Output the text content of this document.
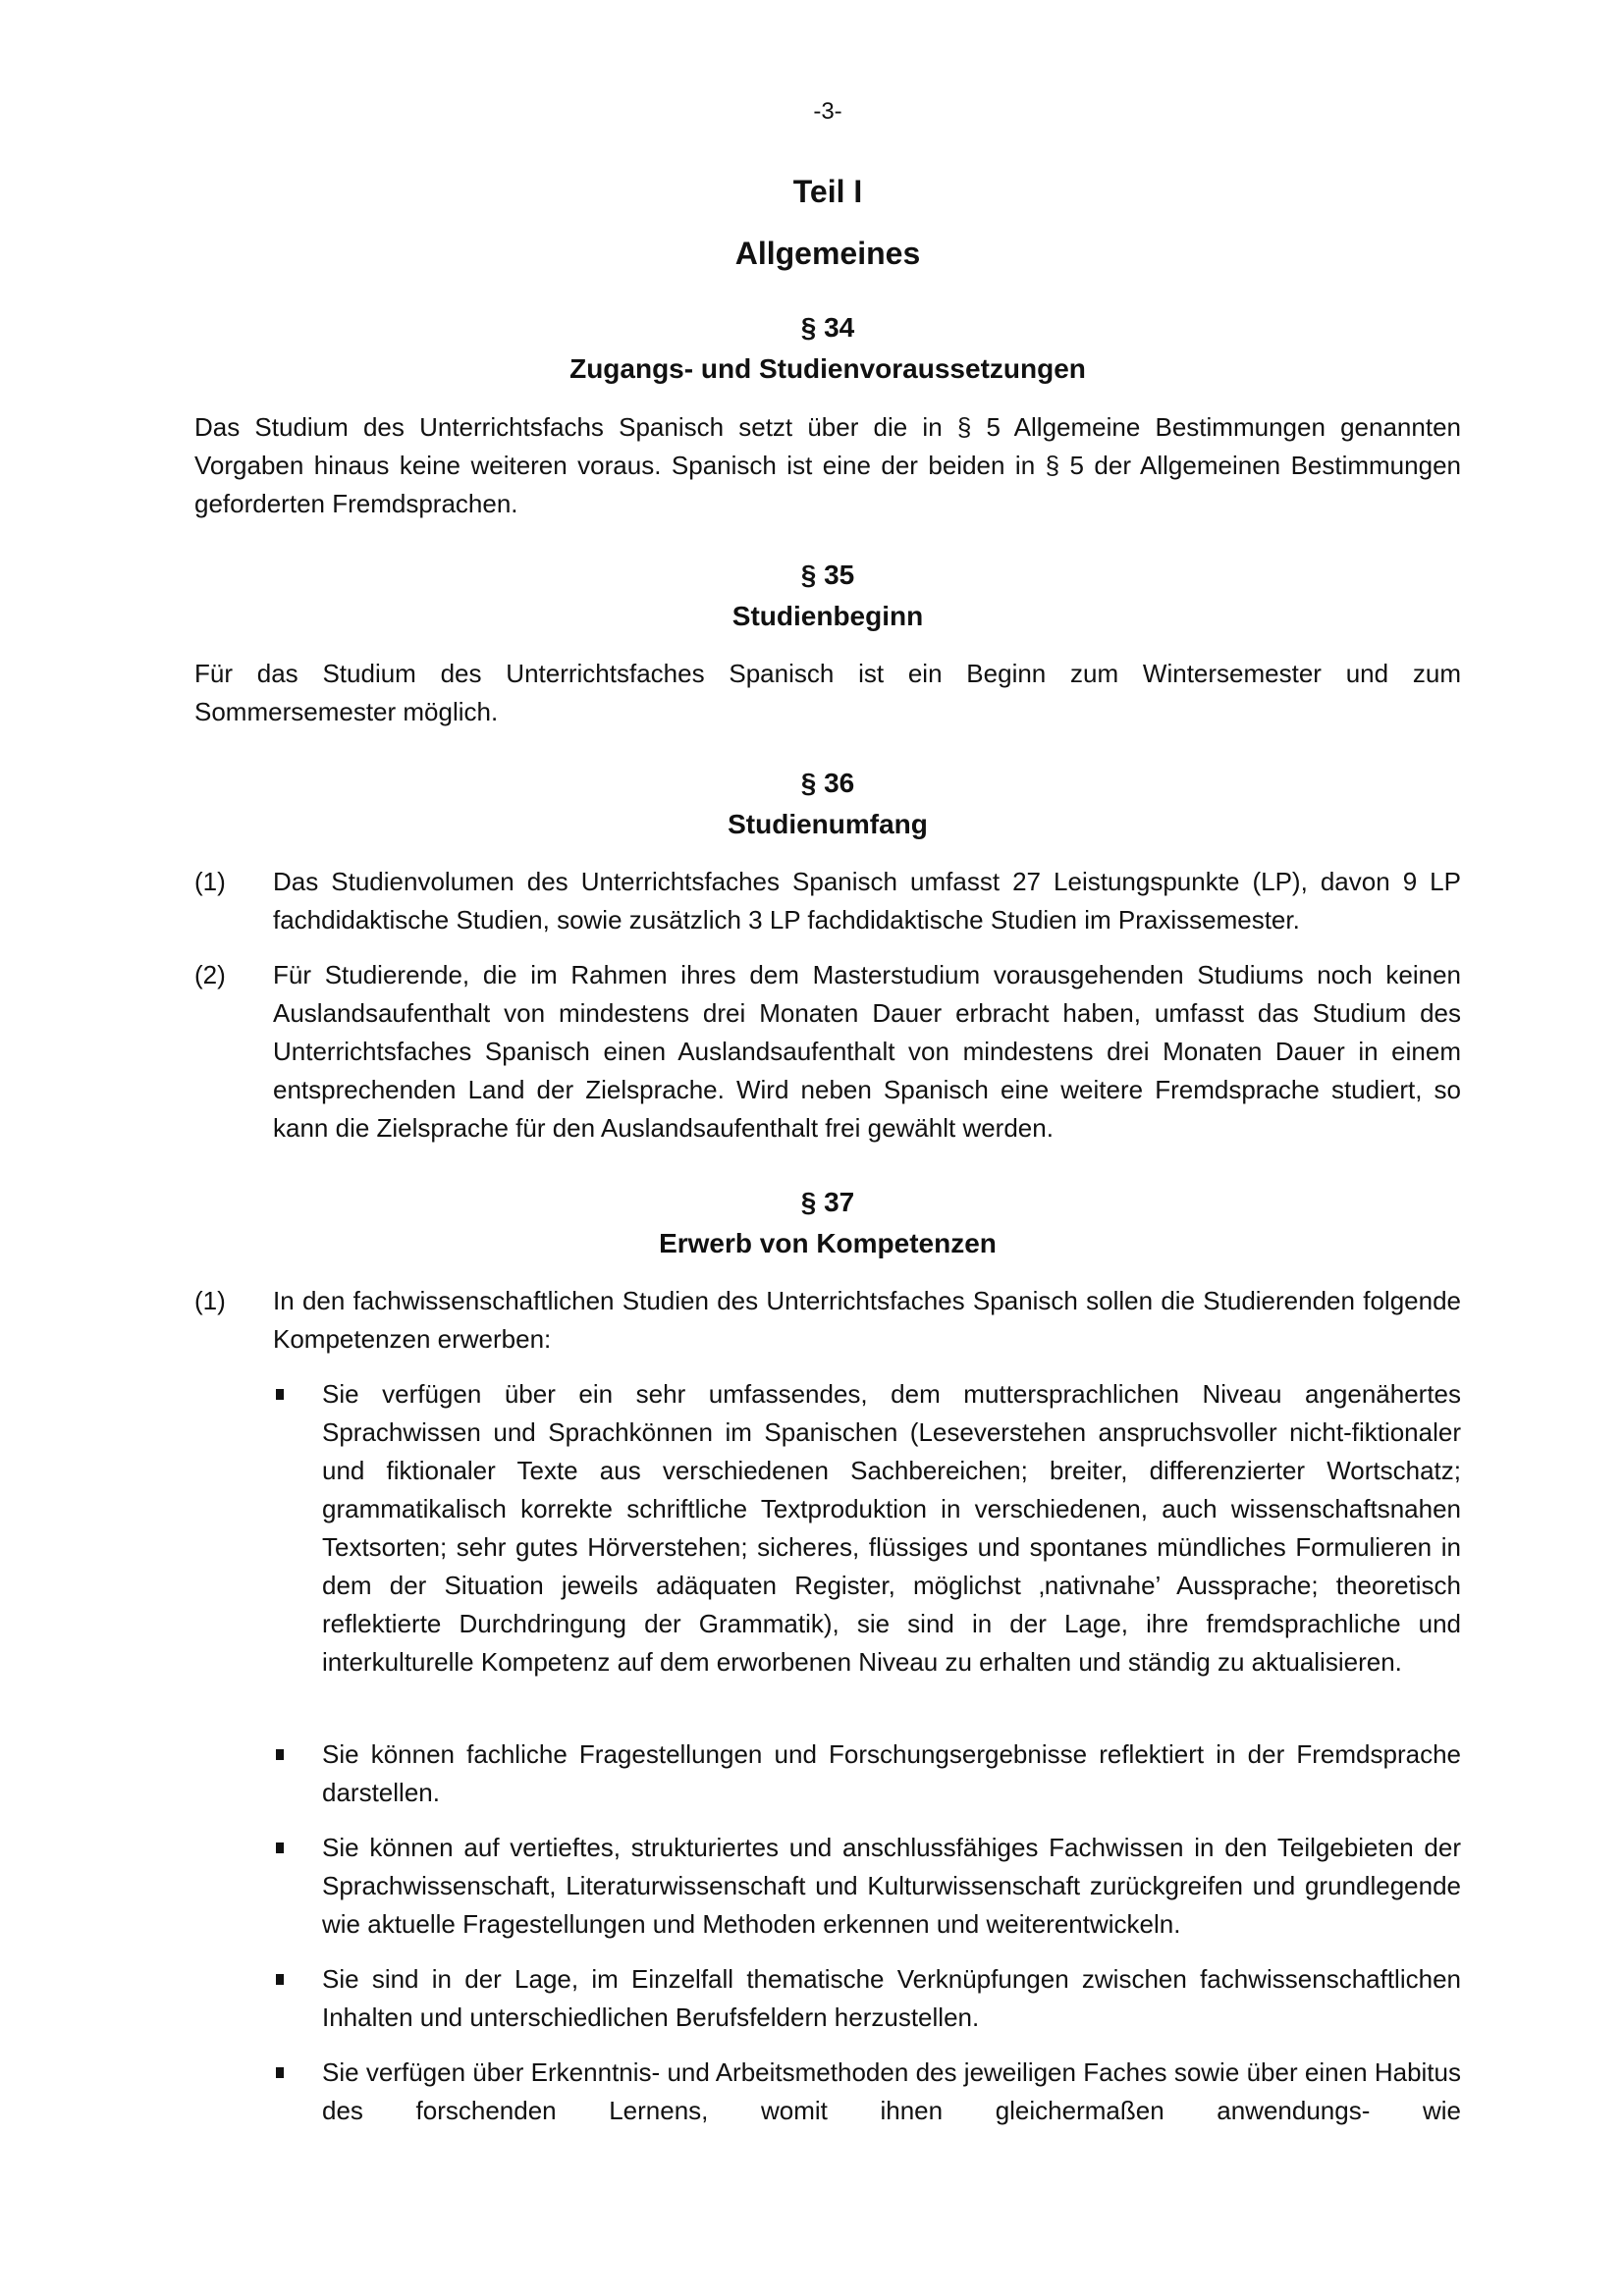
-3-
Teil I
Allgemeines
§ 34
Zugangs- und Studienvoraussetzungen
Das Studium des Unterrichtsfachs Spanisch setzt über die in § 5 Allgemeine Bestimmungen genannten Vorgaben hinaus keine weiteren voraus. Spanisch ist eine der beiden in § 5 der Allgemeinen Bestimmungen geforderten Fremdsprachen.
§ 35
Studienbeginn
Für das Studium des Unterrichtsfaches Spanisch ist ein Beginn zum Wintersemester und zum Sommersemester möglich.
§ 36
Studienumfang
(1) Das Studienvolumen des Unterrichtsfaches Spanisch umfasst 27 Leistungspunkte (LP), davon 9 LP fachdidaktische Studien, sowie zusätzlich 3 LP fachdidaktische Studien im Praxissemester.
(2) Für Studierende, die im Rahmen ihres dem Masterstudium vorausgehenden Studiums noch keinen Auslandsaufenthalt von mindestens drei Monaten Dauer erbracht haben, umfasst das Studium des Unterrichtsfaches Spanisch einen Auslandsaufenthalt von mindestens drei Monaten Dauer in einem entsprechenden Land der Zielsprache. Wird neben Spanisch eine weitere Fremdsprache studiert, so kann die Zielsprache für den Auslandsaufenthalt frei gewählt werden.
§ 37
Erwerb von Kompetenzen
(1) In den fachwissenschaftlichen Studien des Unterrichtsfaches Spanisch sollen die Studierenden folgende Kompetenzen erwerben:
Sie verfügen über ein sehr umfassendes, dem muttersprachlichen Niveau angenähertes Sprachwissen und Sprachkönnen im Spanischen (Leseverstehen anspruchsvoller nicht-fiktionaler und fiktionaler Texte aus verschiedenen Sachbereichen; breiter, differenzierter Wortschatz; grammatikalisch korrekte schriftliche Textproduktion in verschiedenen, auch wissenschaftsnahen Textsorten; sehr gutes Hörverstehen; sicheres, flüssiges und spontanes mündliches Formulieren in dem der Situation jeweils adäquaten Register, möglichst ‚nativnahe’ Aussprache; theoretisch reflektierte Durchdringung der Grammatik), sie sind in der Lage, ihre fremdsprachliche und interkulturelle Kompetenz auf dem erworbenen Niveau zu erhalten und ständig zu aktualisieren.
Sie können fachliche Fragestellungen und Forschungsergebnisse reflektiert in der Fremdsprache darstellen.
Sie können auf vertieftes, strukturiertes und anschlussfähiges Fachwissen in den Teilgebieten der Sprachwissenschaft, Literaturwissenschaft und Kulturwissenschaft zurückgreifen und grundlegende wie aktuelle Fragestellungen und Methoden erkennen und weiterentwickeln.
Sie sind in der Lage, im Einzelfall thematische Verknüpfungen zwischen fachwissenschaftlichen Inhalten und unterschiedlichen Berufsfeldern herzustellen.
Sie verfügen über Erkenntnis- und Arbeitsmethoden des jeweiligen Faches sowie über einen Habitus des forschenden Lernens, womit ihnen gleichermaßen anwendungs- wie
